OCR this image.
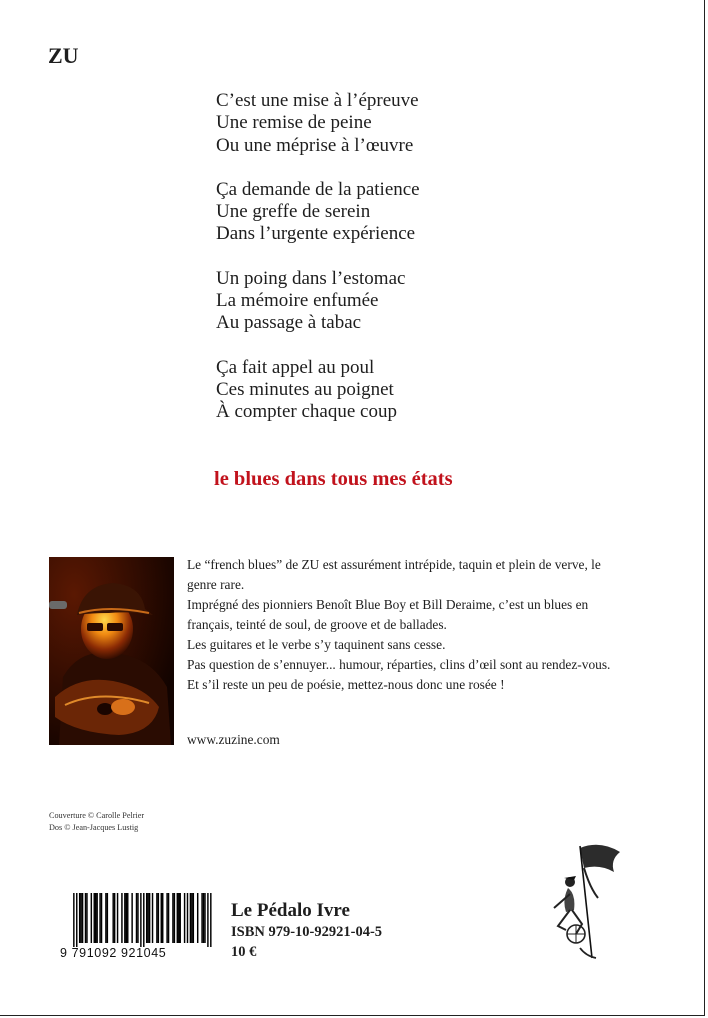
ZU
C’est une mise à l’épreuve
Une remise de peine
Ou une méprise à l’œuvre
Ça demande de la patience
Une greffe de serein
Dans l’urgente expérience
Un poing dans l’estomac
La mémoire enfumée
Au passage à tabac
Ça fait appel au poul
Ces minutes au poignet
À compter chaque coup
le blues dans tous mes états

Le “french blues” de ZU est assurément intrépide, taquin et plein de verve, le genre rare.

Imprégné des pionniers Benoît Blue Boy et Bill Deraime, c’est un blues en français, teinté de soul, de groove et de ballades.

Les guitares et le verbe s’y taquinent sans cesse.

Pas question de s’ennuyer... humour, réparties, clins d’œil sont au rendez-vous.

Et s’il reste un peu de poésie, mettez-nous donc une rosée !

www.zuzine.com
Couverture © Carolle Pelrier
Dos © Jean-Jacques Lustig
9 791092 921045
Le Pédalo Ivre
ISBN 979-10-92921-04-5
10 €
